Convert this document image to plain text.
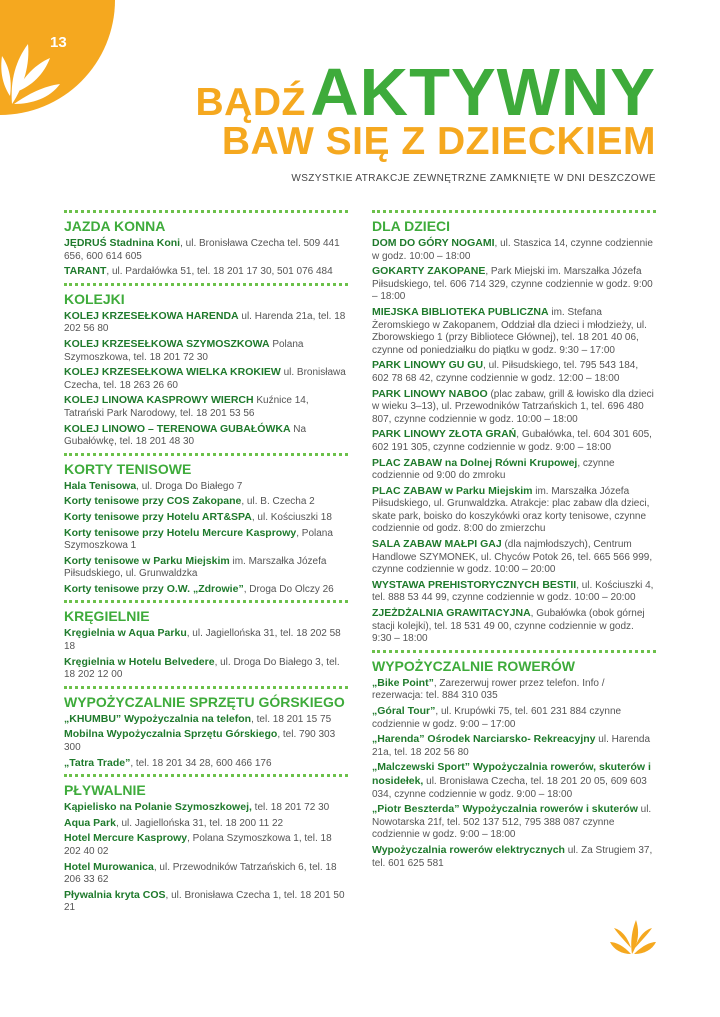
13
BĄDŹ AKTYWNY
BAW SIĘ Z DZIECKIEM
WSZYSTKIE ATRAKCJE ZEWNĘTRZNE ZAMKNIĘTE W DNI DESZCZOWE
JAZDA KONNA
JĘDRUŚ Stadnina Koni, ul. Bronisława Czecha tel. 509 441 656, 600 614 605
TARANT, ul. Pardałówka 51, tel. 18 201 17 30, 501 076 484
KOLEJKI
KOLEJ KRZESEŁKOWA HARENDA ul. Harenda 21a, tel. 18 202 56 80
KOLEJ KRZESEŁKOWA SZYMOSZKOWA Polana Szymoszkowa, tel. 18 201 72 30
KOLEJ KRZESEŁKOWA WIELKA KROKIEW ul. Bronisława Czecha, tel. 18 263 26 60
KOLEJ LINOWA KASPROWY WIERCH Kuźnice 14, Tatrański Park Narodowy, tel. 18 201 53 56
KOLEJ LINOWO – TERENOWA GUBAŁÓWKA Na Gubałówkę, tel. 18 201 48 30
KORTY TENISOWE
Hala Tenisowa, ul. Droga Do Białego 7
Korty tenisowe przy COS Zakopane, ul. B. Czecha 2
Korty tenisowe przy Hotelu ART&SPA, ul. Kościuszki 18
Korty tenisowe przy Hotelu Mercure Kasprowy, Polana Szymoszkowa 1
Korty tenisowe w Parku Miejskim im. Marszałka Józefa Piłsudskiego, ul. Grunwaldzka
Korty tenisowe przy O.W. „Zdrowie”, Droga Do Olczy 26
KRĘGIELNIE
Kręgielnia w Aqua Parku, ul. Jagiellońska 31, tel. 18 202 58 18
Kręgielnia w Hotelu Belvedere, ul. Droga Do Białego 3, tel. 18 202 12 00
WYPOŻYCZALNIE SPRZĘTU GÓRSKIEGO
„KHUMBU” Wypożyczalnia na telefon, tel. 18 201 15 75
Mobilna Wypożyczalnia Sprzętu Górskiego, tel. 790 303 300
„Tatra Trade”, tel. 18 201 34 28, 600 466 176
PŁYWALNIE
Kąpielisko na Polanie Szymoszkowej, tel. 18 201 72 30
Aqua Park, ul. Jagiellońska 31, tel. 18 200 11 22
Hotel Mercure Kasprowy, Polana Szymoszkowa 1, tel. 18 202 40 02
Hotel Murowanica, ul. Przewodników Tatrzańskich 6, tel. 18 206 33 62
Pływalnia kryta COS, ul. Bronisława Czecha 1, tel. 18 201 50 21
DLA DZIECI
DOM DO GÓRY NOGAMI, ul. Staszica 14, czynne codziennie w godz. 10:00 – 18:00
GOKARTY ZAKOPANE, Park Miejski im. Marszałka Józefa Piłsudskiego, tel. 606 714 329, czynne codziennie w godz. 9:00 – 18:00
MIEJSKA BIBLIOTEKA PUBLICZNA im. Stefana Żeromskiego w Zakopanem, Oddział dla dzieci i młodzieży, ul. Zborowskiego 1 (przy Bibliotece Głównej), tel. 18 201 40 06, czynne od poniedziałku do piątku w godz. 9:30 – 17:00
PARK LINOWY GU GU, ul. Piłsudskiego, tel. 795 543 184, 602 78 68 42, czynne codziennie w godz. 12:00 – 18:00
PARK LINOWY NABOO (plac zabaw, grill & łowisko dla dzieci w wieku 3–13), ul. Przewodników Tatrzańskich 1, tel. 696 480 807, czynne codziennie w godz. 10:00 – 18:00
PARK LINOWY ZŁOTA GRAŃ, Gubałówka, tel. 604 301 605, 602 191 305, czynne codziennie w godz. 9:00 – 18:00
PLAC ZABAW na Dolnej Równi Krupowej, czynne codziennie od 9:00 do zmroku
PLAC ZABAW w Parku Miejskim im. Marszałka Józefa Piłsudskiego, ul. Grunwaldzka. Atrakcje: plac zabaw dla dzieci, skate park, boisko do koszykówki oraz korty tenisowe, czynne codziennie od godz. 8:00 do zmierzchu
SALA ZABAW MAŁPI GAJ (dla najmłodszych), Centrum Handlowe SZYMONEK, ul. Chyców Potok 26, tel. 665 566 999, czynne codziennie w godz. 10:00 – 20:00
WYSTAWA PREHISTORYCZNYCH BESTII, ul. Kościuszki 4, tel. 888 53 44 99, czynne codziennie w godz. 10:00 – 20:00
ZJEŻDŻALNIA GRAWITACYJNA, Gubałówka (obok górnej stacji kolejki), tel. 18 531 49 00, czynne codziennie w godz. 9:30 – 18:00
WYPOŻYCZALNIE ROWERÓW
„Bike Point”, Zarezerwuj rower przez telefon. Info / rezerwacja: tel. 884 310 035
„Góral Tour”, ul. Krupówki 75, tel. 601 231 884 czynne codziennie w godz. 9:00 – 17:00
„Harenda” Ośrodek Narciarsko- Rekreacyjny ul. Harenda 21a, tel. 18 202 56 80
„Malczewski Sport” Wypożyczalnia rowerów, skuterów i nosidełek, ul. Bronisława Czecha, tel. 18 201 20 05, 609 603 034, czynne codziennie w godz. 9:00 – 18:00
„Piotr Beszterda” Wypożyczalnia rowerów i skuterów ul. Nowotarska 21f, tel. 502 137 512, 795 388 087 czynne codziennie w godz. 9:00 – 18:00
Wypożyczalnia rowerów elektrycznych ul. Za Strugiem 37, tel. 601 625 581
